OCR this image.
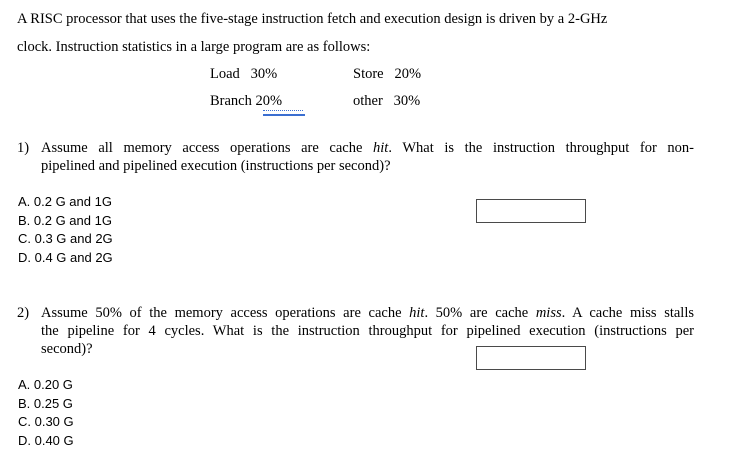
A RISC processor that uses the five-stage instruction fetch and execution design is driven by a 2-GHz
clock. Instruction statistics in a large program are as follows:
Load   30%	Store   20%
Branch 20%	other   30%
1) Assume all memory access operations are cache hit. What is the instruction throughput for non-
pipelined and pipelined execution (instructions per second)?
A. 0.2 G and 1G
B. 0.2 G and 1G
C. 0.3 G and 2G
D. 0.4 G and 2G
2) Assume 50% of the memory access operations are cache hit. 50% are cache miss. A cache miss stalls
the pipeline for 4 cycles. What is the instruction throughput for pipelined execution (instructions per
second)?
A. 0.20 G
B. 0.25 G
C. 0.30 G
D. 0.40 G
